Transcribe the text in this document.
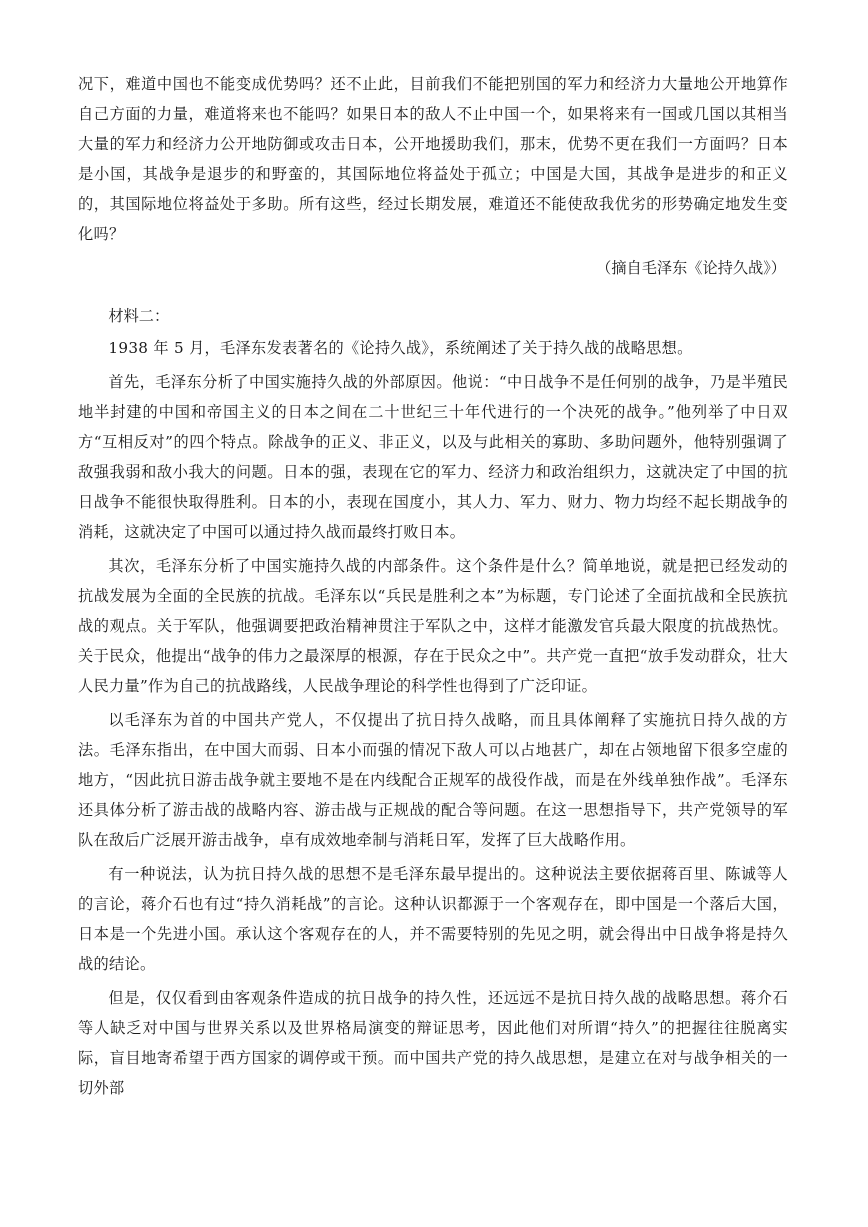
况下，难道中国也不能变成优势吗？还不止此，目前我们不能把别国的军力和经济力大量地公开地算作自己方面的力量，难道将来也不能吗？如果日本的敌人不止中国一个，如果将来有一国或几国以其相当大量的军力和经济力公开地防御或攻击日本，公开地援助我们，那末，优势不更在我们一方面吗？日本是小国，其战争是退步的和野蛮的，其国际地位将益处于孤立；中国是大国，其战争是进步的和正义的，其国际地位将益处于多助。所有这些，经过长期发展，难道还不能使敌我优劣的形势确定地发生变化吗？

（摘自毛泽东《论持久战》）

材料二：

1938 年 5 月，毛泽东发表著名的《论持久战》，系统阐述了关于持久战的战略思想。

首先，毛泽东分析了中国实施持久战的外部原因。他说：“中日战争不是任何别的战争，乃是半殖民地半封建的中国和帝国主义的日本之间在二十世纪三十年代进行的一个决死的战争。”他列举了中日双方“互相反对”的四个特点。除战争的正义、非正义，以及与此相关的寡助、多助问题外，他特别强调了敌强我弱和敌小我大的问题。日本的强，表现在它的军力、经济力和政治组织力，这就决定了中国的抗日战争不能很快取得胜利。日本的小，表现在国度小，其人力、军力、财力、物力均经不起长期战争的消耗，这就决定了中国可以通过持久战而最终打败日本。

其次，毛泽东分析了中国实施持久战的内部条件。这个条件是什么？简单地说，就是把已经发动的抗战发展为全面的全民族的抗战。毛泽东以“兵民是胜利之本”为标题，专门论述了全面抗战和全民族抗战的观点。关于军队，他强调要把政治精神贯注于军队之中，这样才能激发官兵最大限度的抗战热忱。关于民众，他提出“战争的伟力之最深厚的根源，存在于民众之中”。共产党一直把“放手发动群众，壮大人民力量”作为自己的抗战路线，人民战争理论的科学性也得到了广泛印证。

以毛泽东为首的中国共产党人，不仅提出了抗日持久战略，而且具体阐释了实施抗日持久战的方法。毛泽东指出，在中国大而弱、日本小而强的情况下敌人可以占地甚广，却在占领地留下很多空虚的地方，“因此抗日游击战争就主要地不是在内线配合正规军的战役作战，而是在外线单独作战”。毛泽东还具体分析了游击战的战略内容、游击战与正规战的配合等问题。在这一思想指导下，共产党领导的军队在敌后广泛展开游击战争，卓有成效地牵制与消耗日军，发挥了巨大战略作用。

有一种说法，认为抗日持久战的思想不是毛泽东最早提出的。这种说法主要依据蒋百里、陈诚等人的言论，蒋介石也有过“持久消耗战”的言论。这种认识都源于一个客观存在，即中国是一个落后大国，日本是一个先进小国。承认这个客观存在的人，并不需要特别的先见之明，就会得出中日战争将是持久战的结论。

但是，仅仅看到由客观条件造成的抗日战争的持久性，还远远不是抗日持久战的战略思想。蒋介石等人缺乏对中国与世界关系以及世界格局演变的辩证思考，因此他们对所谓“持久”的把握往往脱离实际，盲目地寄希望于西方国家的调停或干预。而中国共产党的持久战思想，是建立在对与战争相关的一切外部
